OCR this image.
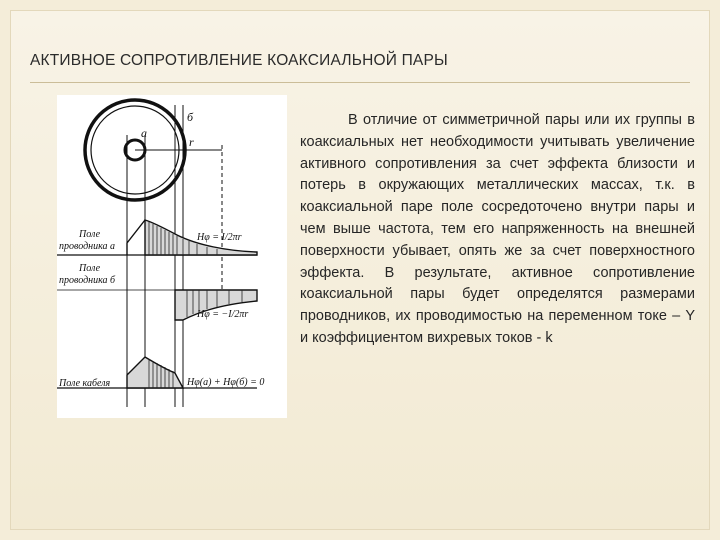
АКТИВНОЕ СОПРОТИВЛЕНИЕ КОАКСИАЛЬНОЙ ПАРЫ
a
б
r
Поле
проводника а
Поле
проводника б
Поле кабеля
Hφ = I/2πr
Hφ = −I/2πr
Hφ(a) + Hφ(б) = 0
В отличие от симметричной пары или их группы в коаксиальных нет необходимости учитывать увеличение активного сопротивления за счет эффекта близости и потерь в окружающих металлических массах, т.к. в коаксиальной паре поле сосредоточено внутри пары и чем выше частота, тем его напряженность на внешней поверхности убывает, опять же за счет поверхностного эффекта. В результате, активное сопротивление коаксиальной пары будет определятся размерами проводников, их проводимостью на переменном токе – Υ и коэффициентом вихревых токов - k
